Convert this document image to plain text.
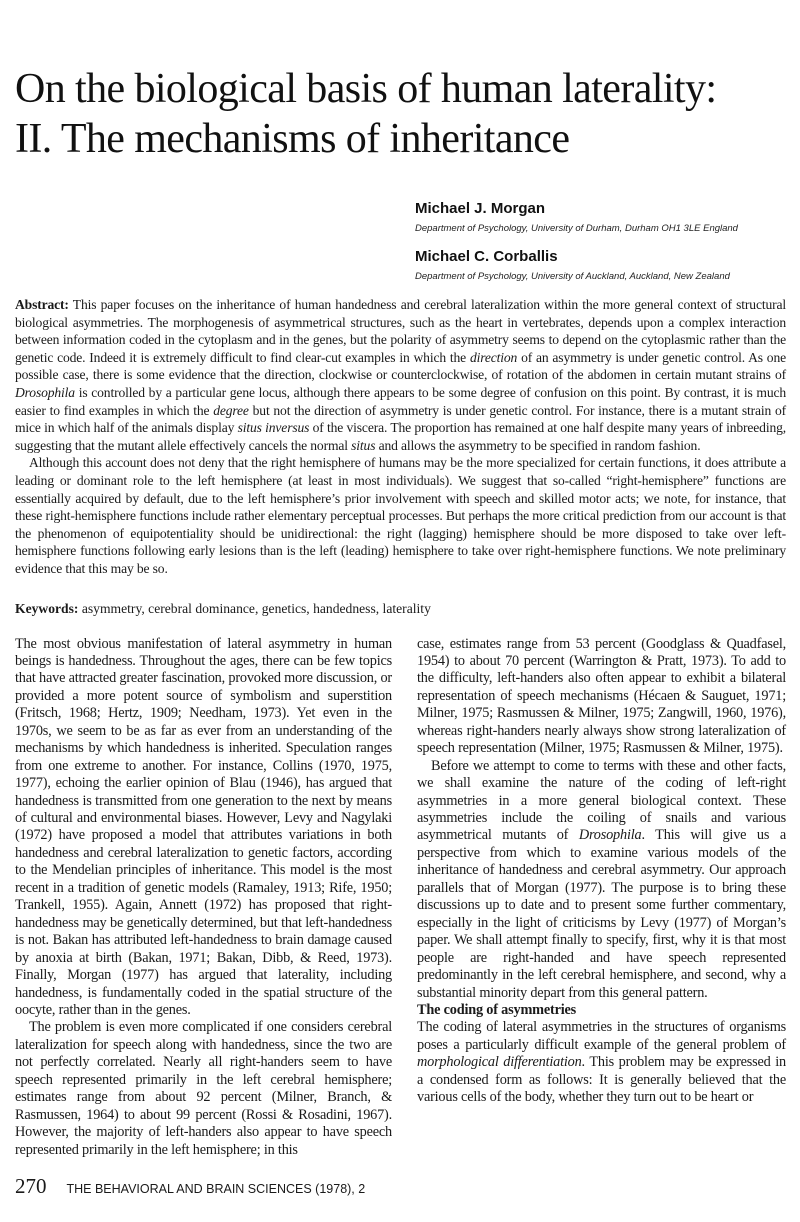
On the biological basis of human laterality:
II. The mechanisms of inheritance
Michael J. Morgan
Department of Psychology, University of Durham, Durham OH1 3LE England
Michael C. Corballis
Department of Psychology, University of Auckland, Auckland, New Zealand

Abstract: This paper focuses on the inheritance of human handedness and cerebral lateralization within the more general context of structural biological asymmetries. The morphogenesis of asymmetrical structures, such as the heart in vertebrates, depends upon a complex interaction between information coded in the cytoplasm and in the genes, but the polarity of asymmetry seems to depend on the cytoplasmic rather than the genetic code. Indeed it is extremely difficult to find clear-cut examples in which the direction of an asymmetry is under genetic control. As one possible case, there is some evidence that the direction, clockwise or counterclockwise, of rotation of the abdomen in certain mutant strains of Drosophila is controlled by a particular gene locus, although there appears to be some degree of confusion on this point. By contrast, it is much easier to find examples in which the degree but not the direction of asymmetry is under genetic control. For instance, there is a mutant strain of mice in which half of the animals display situs inversus of the viscera. The proportion has remained at one half despite many years of inbreeding, suggesting that the mutant allele effectively cancels the normal situs and allows the asymmetry to be specified in random fashion.

Although this account does not deny that the right hemisphere of humans may be the more specialized for certain functions, it does attribute a leading or dominant role to the left hemisphere (at least in most individuals). We suggest that so-called “right-hemisphere” functions are essentially acquired by default, due to the left hemisphere’s prior involvement with speech and skilled motor acts; we note, for instance, that these right-hemisphere functions include rather elementary perceptual processes. But perhaps the more critical prediction from our account is that the phenomenon of equipotentiality should be unidirectional: the right (lagging) hemisphere should be more disposed to take over left-hemisphere functions following early lesions than is the left (leading) hemisphere to take over right-hemisphere functions. We note preliminary evidence that this may be so.

Keywords: asymmetry, cerebral dominance, genetics, handedness, laterality

The most obvious manifestation of lateral asymmetry in human beings is handedness. Throughout the ages, there can be few topics that have attracted greater fascination, provoked more discussion, or provided a more potent source of symbolism and superstition (Fritsch, 1968; Hertz, 1909; Needham, 1973). Yet even in the 1970s, we seem to be as far as ever from an understanding of the mechanisms by which handedness is inherited. Speculation ranges from one extreme to another. For instance, Collins (1970, 1975, 1977), echoing the earlier opinion of Blau (1946), has argued that handedness is transmitted from one generation to the next by means of cultural and environmental biases. However, Levy and Nagylaki (1972) have proposed a model that attributes variations in both handedness and cerebral lateralization to genetic factors, according to the Mendelian principles of inheritance. This model is the most recent in a tradition of genetic models (Ramaley, 1913; Rife, 1950; Trankell, 1955). Again, Annett (1972) has proposed that right-handedness may be genetically determined, but that left-handedness is not. Bakan has attributed left-handedness to brain damage caused by anoxia at birth (Bakan, 1971; Bakan, Dibb, & Reed, 1973). Finally, Morgan (1977) has argued that laterality, including handedness, is fundamentally coded in the spatial structure of the oocyte, rather than in the genes.

The problem is even more complicated if one considers cerebral lateralization for speech along with handedness, since the two are not perfectly correlated. Nearly all right-handers seem to have speech represented primarily in the left cerebral hemisphere; estimates range from about 92 percent (Milner, Branch, & Rasmussen, 1964) to about 99 percent (Rossi & Rosadini, 1967). However, the majority of left-handers also appear to have speech represented primarily in the left hemisphere; in this

case, estimates range from 53 percent (Goodglass & Quadfasel, 1954) to about 70 percent (Warrington & Pratt, 1973). To add to the difficulty, left-handers also often appear to exhibit a bilateral representation of speech mechanisms (Hécaen & Sauguet, 1971; Milner, 1975; Rasmussen & Milner, 1975; Zangwill, 1960, 1976), whereas right-handers nearly always show strong lateralization of speech representation (Milner, 1975; Rasmussen & Milner, 1975).

Before we attempt to come to terms with these and other facts, we shall examine the nature of the coding of left-right asymmetries in a more general biological context. These asymmetries include the coiling of snails and various asymmetrical mutants of Drosophila. This will give us a perspective from which to examine various models of the inheritance of handedness and cerebral asymmetry. Our approach parallels that of Morgan (1977). The purpose is to bring these discussions up to date and to present some further commentary, especially in the light of criticisms by Levy (1977) of Morgan’s paper. We shall attempt finally to specify, first, why it is that most people are right-handed and have speech represented predominantly in the left cerebral hemisphere, and second, why a substantial minority depart from this general pattern.

The coding of asymmetries

The coding of lateral asymmetries in the structures of organisms poses a particularly difficult example of the general problem of morphological differentiation. This problem may be expressed in a condensed form as follows: It is generally believed that the various cells of the body, whether they turn out to be heart or

270 THE BEHAVIORAL AND BRAIN SCIENCES (1978), 2
